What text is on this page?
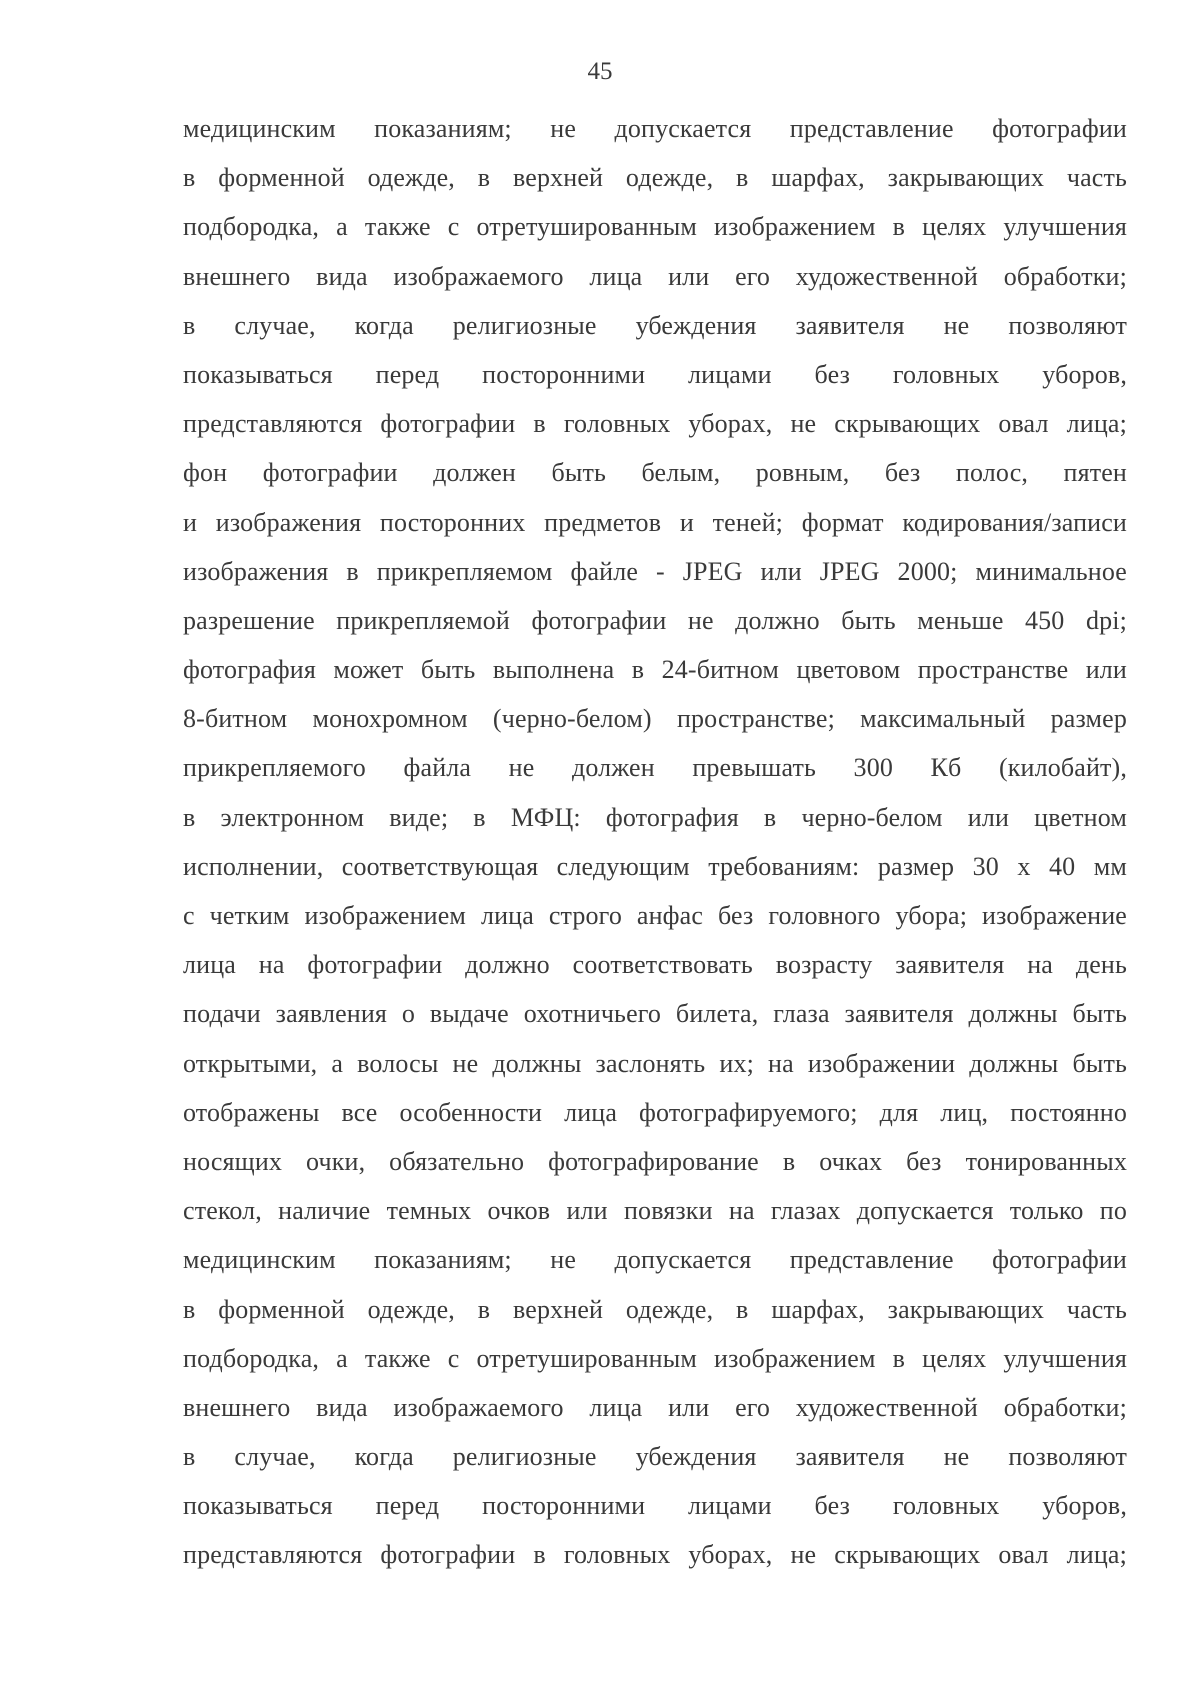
45
медицинским показаниям; не допускается представление фотографии
в форменной одежде, в верхней одежде, в шарфах, закрывающих часть
подбородка, а также с отретушированным изображением в целях улучшения
внешнего вида изображаемого лица или его художественной обработки;
в случае, когда религиозные убеждения заявителя не позволяют
показываться перед посторонними лицами без головных уборов,
представляются фотографии в головных уборах, не скрывающих овал лица;
фон фотографии должен быть белым, ровным, без полос, пятен
и изображения посторонних предметов и теней; формат кодирования/записи
изображения в прикрепляемом файле - JPEG или JPEG 2000; минимальное
разрешение прикрепляемой фотографии не должно быть меньше 450 dpi;
фотография может быть выполнена в 24-битном цветовом пространстве или
8-битном монохромном (черно-белом) пространстве; максимальный размер
прикрепляемого файла не должен превышать 300 Кб (килобайт),
в электронном виде; в МФЦ: фотография в черно-белом или цветном
исполнении, соответствующая следующим требованиям: размер 30 х 40 мм
с четким изображением лица строго анфас без головного убора; изображение
лица на фотографии должно соответствовать возрасту заявителя на день
подачи заявления о выдаче охотничьего билета, глаза заявителя должны быть
открытыми, а волосы не должны заслонять их; на изображении должны быть
отображены все особенности лица фотографируемого; для лиц, постоянно
носящих очки, обязательно фотографирование в очках без тонированных
стекол, наличие темных очков или повязки на глазах допускается только по
медицинским показаниям; не допускается представление фотографии
в форменной одежде, в верхней одежде, в шарфах, закрывающих часть
подбородка, а также с отретушированным изображением в целях улучшения
внешнего вида изображаемого лица или его художественной обработки;
в случае, когда религиозные убеждения заявителя не позволяют
показываться перед посторонними лицами без головных уборов,
представляются фотографии в головных уборах, не скрывающих овал лица;
